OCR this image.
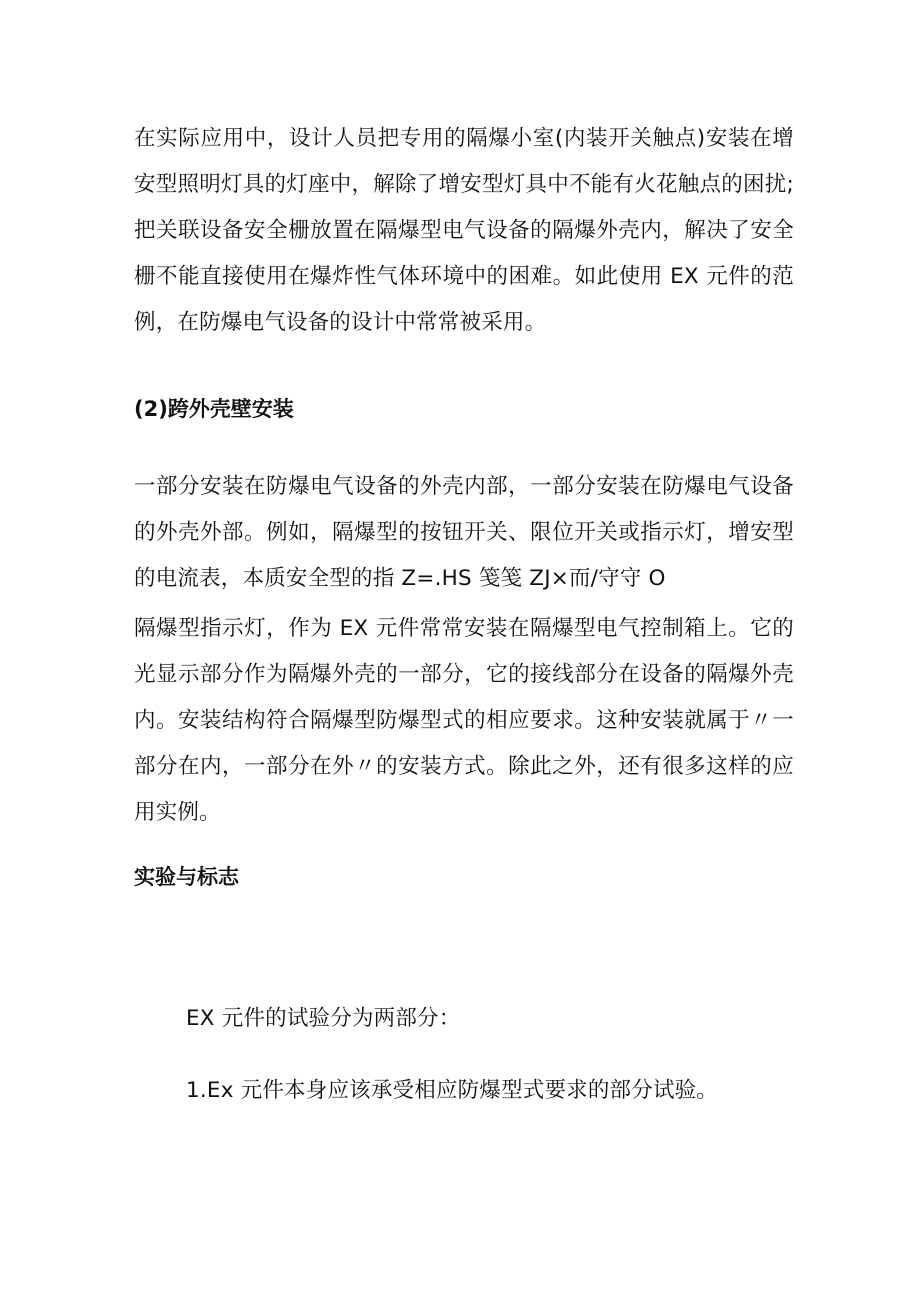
在实际应用中，设计人员把专用的隔爆小室(内装开关触点)安装在增安型照明灯具的灯座中，解除了增安型灯具中不能有火花触点的困扰;把关联设备安全栅放置在隔爆型电气设备的隔爆外壳内，解决了安全栅不能直接使用在爆炸性气体环境中的困难。如此使用 EX 元件的范例，在防爆电气设备的设计中常常被采用。

(2)跨外壳壁安装

一部分安装在防爆电气设备的外壳内部，一部分安装在防爆电气设备的外壳外部。例如，隔爆型的按钮开关、限位开关或指示灯，增安型的电流表，本质安全型的指 Z=.HS 笺笺 ZJ×而/守守 O

隔爆型指示灯，作为 EX 元件常常安装在隔爆型电气控制箱上。它的光显示部分作为隔爆外壳的一部分，它的接线部分在设备的隔爆外壳内。安装结构符合隔爆型防爆型式的相应要求。这种安装就属于〃一部分在内，一部分在外〃的安装方式。除此之外，还有很多这样的应用实例。

实验与标志

EX 元件的试验分为两部分：

1.Ex 元件本身应该承受相应防爆型式要求的部分试验。
